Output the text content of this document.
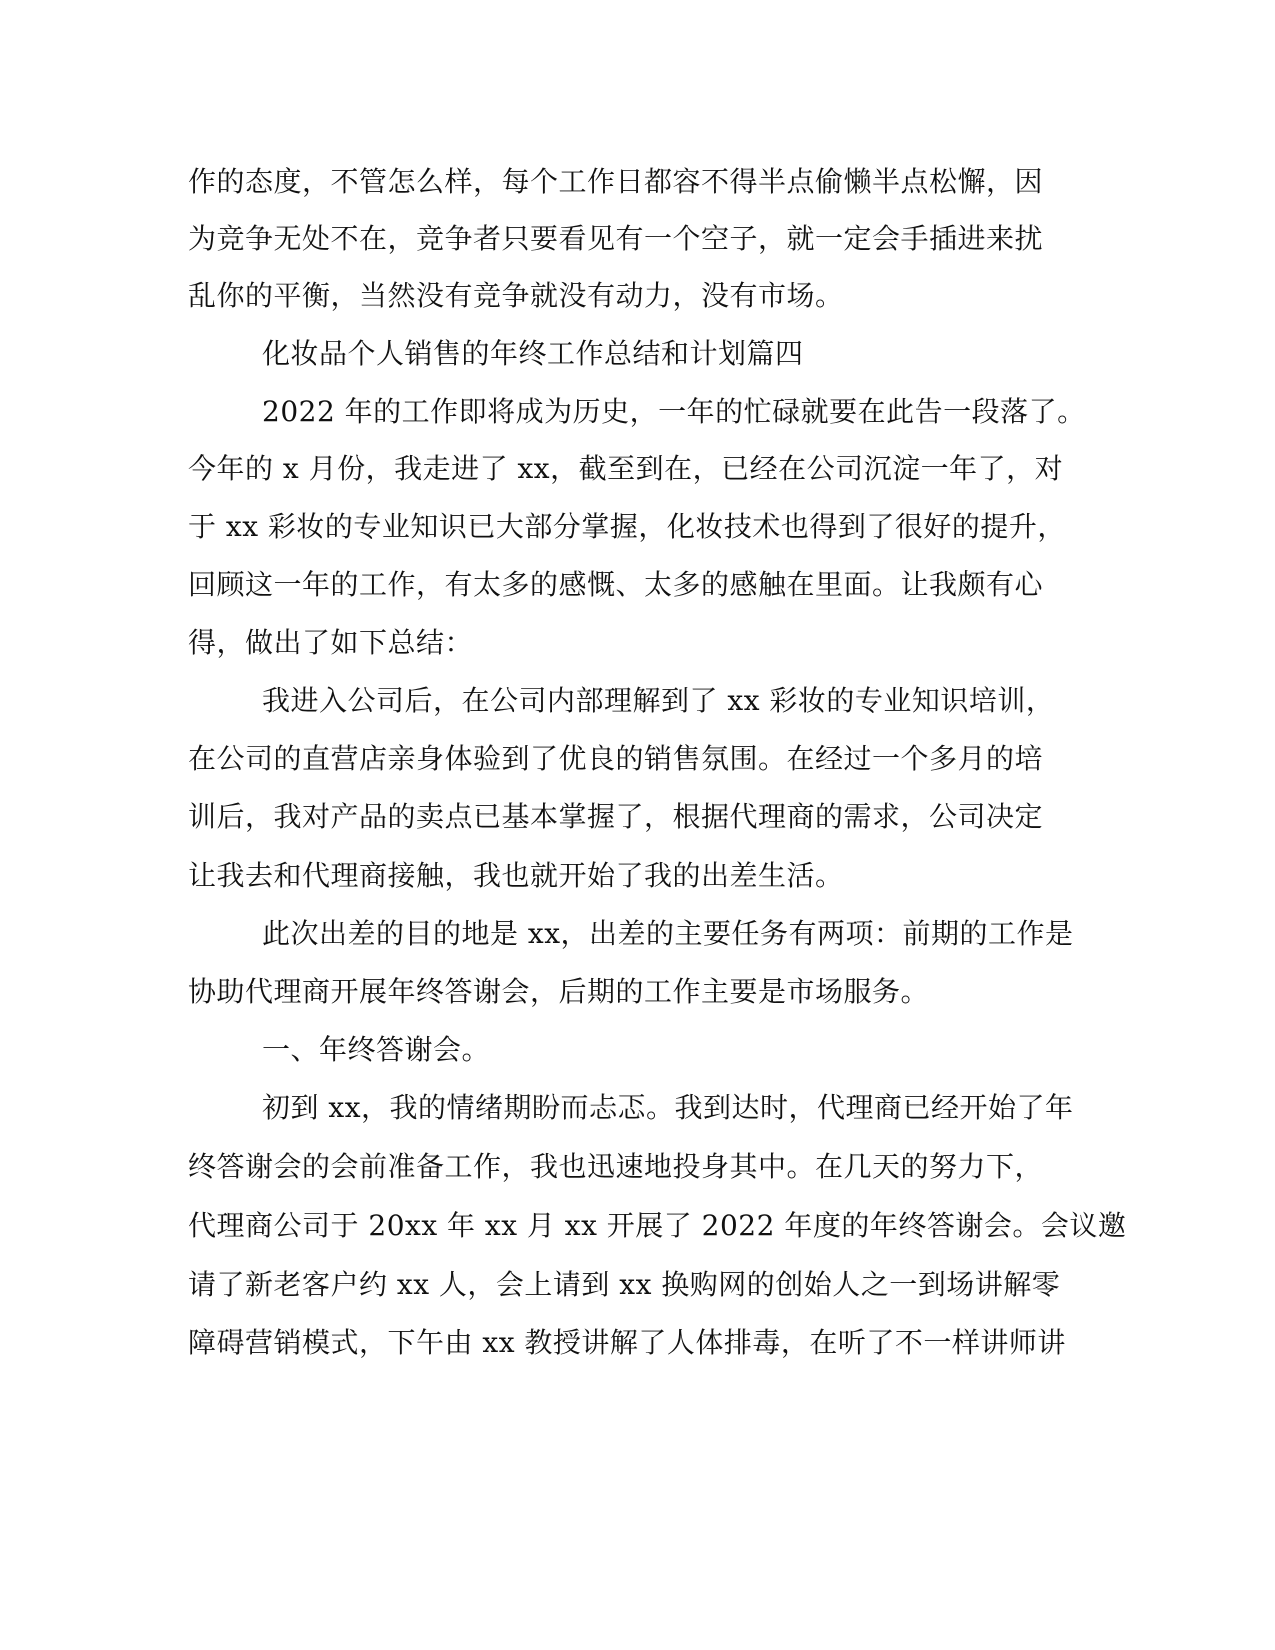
作的态度，不管怎么样，每个工作日都容不得半点偷懒半点松懈，因
为竞争无处不在，竞争者只要看见有一个空子，就一定会手插进来扰
乱你的平衡，当然没有竞争就没有动力，没有市场。
化妆品个人销售的年终工作总结和计划篇四
2022 年的工作即将成为历史，一年的忙碌就要在此告一段落了。
今年的 x 月份，我走进了 xx，截至到在，已经在公司沉淀一年了，对
于 xx 彩妆的专业知识已大部分掌握，化妆技术也得到了很好的提升，
回顾这一年的工作，有太多的感慨、太多的感触在里面。让我颇有心
得，做出了如下总结：
我进入公司后，在公司内部理解到了 xx 彩妆的专业知识培训，
在公司的直营店亲身体验到了优良的销售氛围。在经过一个多月的培
训后，我对产品的卖点已基本掌握了，根据代理商的需求，公司决定
让我去和代理商接触，我也就开始了我的出差生活。
此次出差的目的地是 xx，出差的主要任务有两项：前期的工作是
协助代理商开展年终答谢会，后期的工作主要是市场服务。
一、年终答谢会。
初到 xx，我的情绪期盼而忐忑。我到达时，代理商已经开始了年
终答谢会的会前准备工作，我也迅速地投身其中。在几天的努力下，
代理商公司于 20xx 年 xx 月 xx 开展了 2022 年度的年终答谢会。会议邀
请了新老客户约 xx 人，会上请到 xx 换购网的创始人之一到场讲解零
障碍营销模式，下午由 xx 教授讲解了人体排毒，在听了不一样讲师讲
